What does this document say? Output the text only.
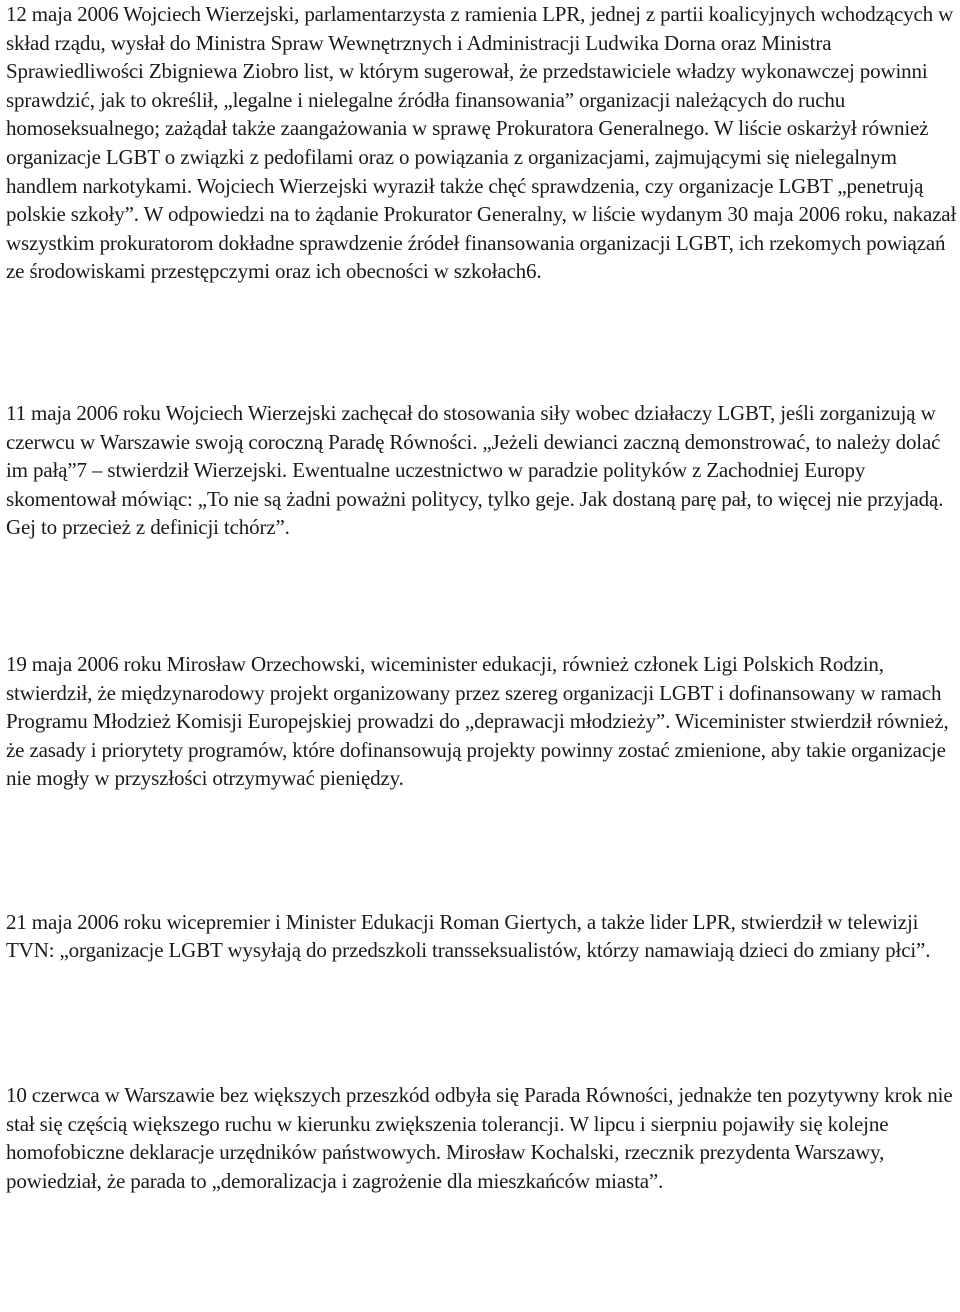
12 maja 2006 Wojciech Wierzejski, parlamentarzysta z ramienia LPR, jednej z partii koalicyjnych wchodzących w skład rządu, wysłał do Ministra Spraw Wewnętrznych i Administracji Ludwika Dorna oraz Ministra Sprawiedliwości Zbigniewa Ziobro list, w którym sugerował, że przedstawiciele władzy wykonawczej powinni sprawdzić, jak to określił, „legalne i nielegalne źródła finansowania” organizacji należących do ruchu homoseksualnego; zażądał także zaangażowania w sprawę Prokuratora Generalnego. W liście oskarżył również organizacje LGBT o związki z pedofilami oraz o powiązania z organizacjami, zajmującymi się nielegalnym handlem narkotykami. Wojciech Wierzejski wyraził także chęć sprawdzenia, czy organizacje LGBT „penetrują polskie szkoły”. W odpowiedzi na to żądanie Prokurator Generalny, w liście wydanym 30 maja 2006 roku, nakazał wszystkim prokuratorom dokładne sprawdzenie źródeł finansowania organizacji LGBT, ich rzekomych powiązań ze środowiskami przestępczymi oraz ich obecności w szkołach6.

11 maja 2006 roku Wojciech Wierzejski zachęcał do stosowania siły wobec działaczy LGBT, jeśli zorganizują w czerwcu w Warszawie swoją coroczną Paradę Równości. „Jeżeli dewianci zaczną demonstrować, to należy dolać im pałą”7 – stwierdził Wierzejski. Ewentualne uczestnictwo w paradzie polityków z Zachodniej Europy skomentował mówiąc: „To nie są żadni poważni politycy, tylko geje. Jak dostaną parę pał, to więcej nie przyjadą. Gej to przecież z definicji tchórz”.

19 maja 2006 roku Mirosław Orzechowski, wiceminister edukacji, również członek Ligi Polskich Rodzin, stwierdził, że międzynarodowy projekt organizowany przez szereg organizacji LGBT i dofinansowany w ramach Programu Młodzież Komisji Europejskiej prowadzi do „deprawacji młodzieży”. Wiceminister stwierdził również, że zasady i priorytety programów, które dofinansowują projekty powinny zostać zmienione, aby takie organizacje nie mogły w przyszłości otrzymywać pieniędzy.

21 maja 2006 roku wicepremier i Minister Edukacji Roman Giertych, a także lider LPR, stwierdził w telewizji TVN: „organizacje LGBT wysyłają do przedszkoli transseksualistów, którzy namawiają dzieci do zmiany płci”.

10 czerwca w Warszawie bez większych przeszkód odbyła się Parada Równości, jednakże ten pozytywny krok nie stał się częścią większego ruchu w kierunku zwiększenia tolerancji. W lipcu i sierpniu pojawiły się kolejne homofobiczne deklaracje urzędników państwowych. Mirosław Kochalski, rzecznik prezydenta Warszawy, powiedział, że parada to „demoralizacja i zagrożenie dla mieszkańców miasta”.
